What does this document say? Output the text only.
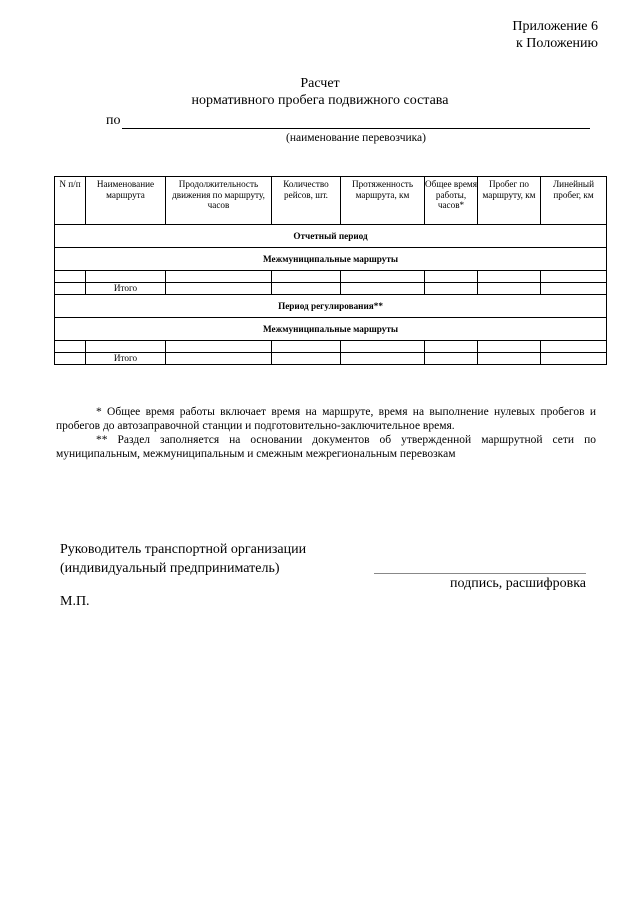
Приложение 6
к Положению
Расчет
нормативного пробега подвижного состава
по
(наименование перевозчика)
N п/п	Наименование маршрута	Продолжительность движения по маршруту, часов	Количество рейсов, шт.	Протяженность маршрута, км	Общее время работы, часов*	Пробег по маршруту, км	Линейный пробег, км
Отчетный период							
Межмуниципальные маршруты							

	Итого						
Период регулирования**							
Межмуниципальные маршруты							

	Итого						

* Общее время работы включает время на маршруте, время на выполнение нулевых пробегов и пробегов до автозаправочной станции и подготовительно-заключительное время.

** Раздел заполняется на основании документов об утвержденной маршрутной сети по муниципальным, межмуниципальным и смежным межрегиональным перевозкам

Руководитель транспортной организации
(индивидуальный предприниматель)
подпись, расшифровка
М.П.
